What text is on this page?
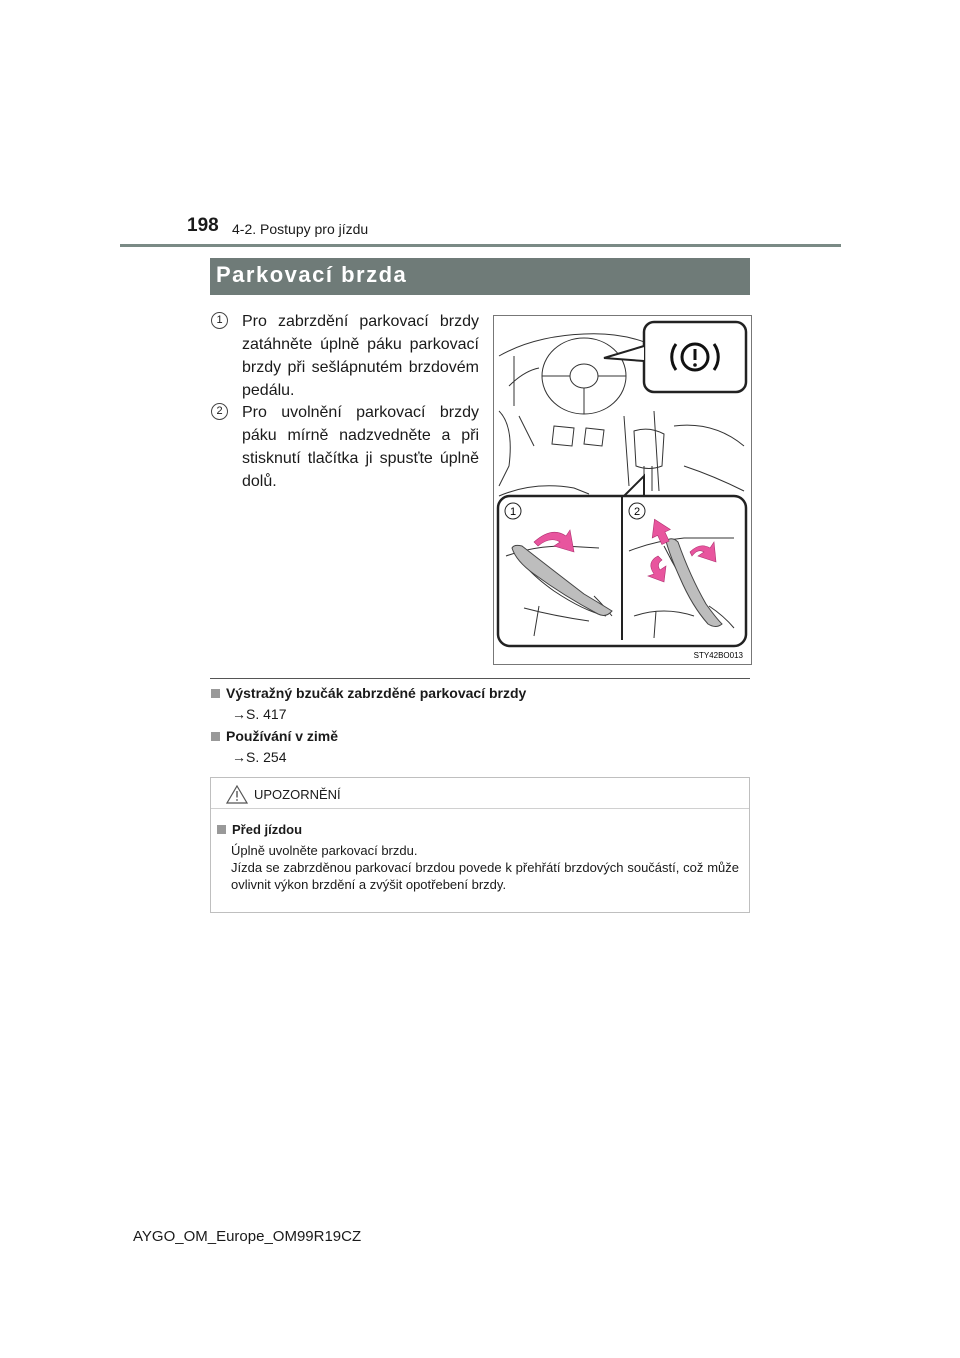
198 4-2. Postupy pro jízdu
Parkovací brzda
1	Pro zabrzdění parkovací brzdy zatáhněte úplně páku parkovací brzdy při sešlápnutém brzdovém pedálu.
2	Pro uvolnění parkovací brzdy páku mírně nadzvedněte a při stisknutí tlačítka ji spusťte úplně dolů.
1	2
STY42BO013
Výstražný bzučák zabrzděné parkovací brzdy
→S. 417
Používání v zimě
→S. 254
UPOZORNĚNÍ
Před jízdou
Úplně uvolněte parkovací brzdu.
Jízda se zabrzděnou parkovací brzdou povede k přehřátí brzdových součástí, což může ovlivnit výkon brzdění a zvýšit opotřebení brzdy.
AYGO_OM_Europe_OM99R19CZ
